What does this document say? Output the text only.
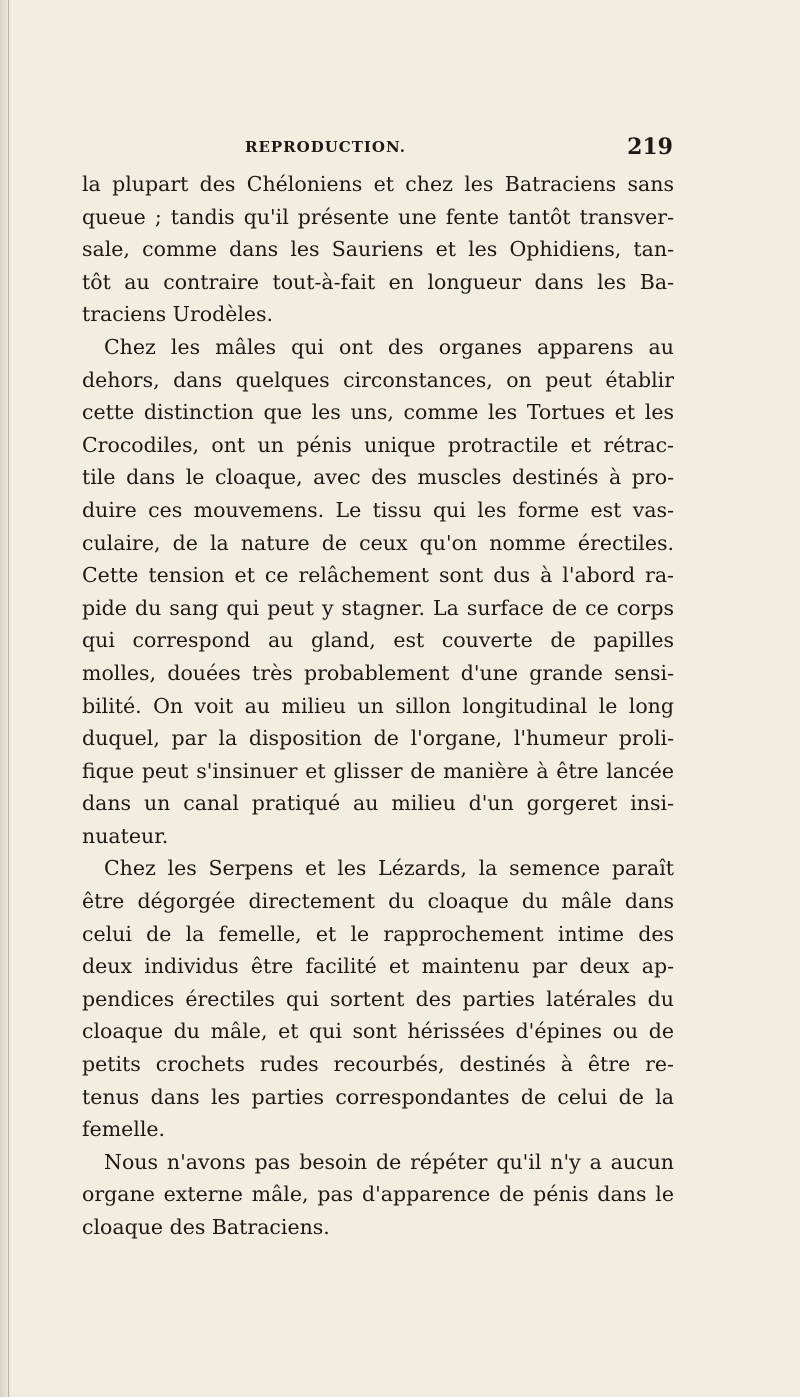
REPRODUCTION.	219
la plupart des Chéloniens et chez les Batraciens sans
queue ; tandis qu'il présente une fente tantôt transver-
sale, comme dans les Sauriens et les Ophidiens, tan-
tôt au contraire tout-à-fait en longueur dans les Ba-
traciens Urodèles.
Chez les mâles qui ont des organes apparens au
dehors, dans quelques circonstances, on peut établir
cette distinction que les uns, comme les Tortues et les
Crocodiles, ont un pénis unique protractile et rétrac-
tile dans le cloaque, avec des muscles destinés à pro-
duire ces mouvemens. Le tissu qui les forme est vas-
culaire, de la nature de ceux qu'on nomme érectiles.
Cette tension et ce relâchement sont dus à l'abord ra-
pide du sang qui peut y stagner. La surface de ce corps
qui correspond au gland, est couverte de papilles
molles, douées très probablement d'une grande sensi-
bilité. On voit au milieu un sillon longitudinal le long
duquel, par la disposition de l'organe, l'humeur proli-
fique peut s'insinuer et glisser de manière à être lancée
dans un canal pratiqué au milieu d'un gorgeret insi-
nuateur.
Chez les Serpens et les Lézards, la semence paraît
être dégorgée directement du cloaque du mâle dans
celui de la femelle, et le rapprochement intime des
deux individus être facilité et maintenu par deux ap-
pendices érectiles qui sortent des parties latérales du
cloaque du mâle, et qui sont hérissées d'épines ou de
petits crochets rudes recourbés, destinés à être re-
tenus dans les parties correspondantes de celui de la
femelle.
Nous n'avons pas besoin de répéter qu'il n'y a aucun
organe externe mâle, pas d'apparence de pénis dans le
cloaque des Batraciens.
